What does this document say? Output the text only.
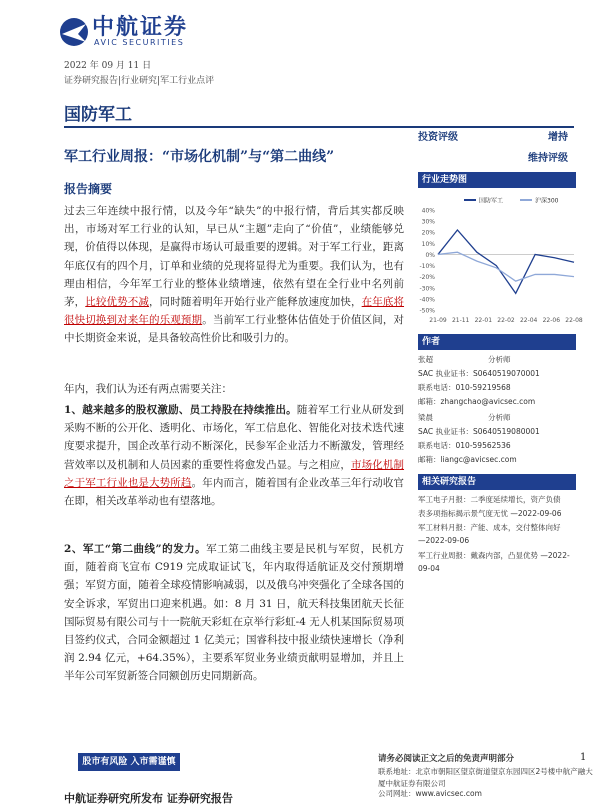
中航证券
AVIC SECURITIES
2022 年 09 月 11 日
证券研究报告|行业研究|军工行业点评
国防军工
投资评级	增持
维持评级
军工行业周报：“市场化机制”与“第二曲线”
报告摘要
过去三年连续中报行情，以及今年“缺失”的中报行情，背后其实都反映出，市场对军工行业的认知，早已从“主题”走向了“价值”，业绩能够兑现，价值得以体现，是赢得市场认可最重要的逻辑。对于军工行业，距离年底仅有的四个月，订单和业绩的兑现将显得尤为重要。我们认为，也有理由相信，今年军工行业的整体业绩增速，依然有望在全行业中名列前茅，比较优势不减，同时随着明年开始行业产能释放速度加快，在年底将很快切换到对来年的乐观预期。当前军工行业整体估值处于价值区间，对中长期资金来说，是具备较高性价比和吸引力的。
年内，我们认为还有两点需要关注：
1、越来越多的股权激励、员工持股在持续推出。随着军工行业从研发到采购不断的公开化、透明化、市场化，军工信息化、智能化对技术迭代速度要求提升，国企改革行动不断深化，民参军企业活力不断激发，管理经营效率以及机制和人员因素的重要性将愈发凸显。与之相应，市场化机制之于军工行业也是大势所趋。年内而言，随着国有企业改革三年行动收官在即，相关改革举动也有望落地。
2、军工“第二曲线”的发力。军工第二曲线主要是民机与军贸，民机方面，随着商飞宣布 C919 完成取证试飞，年内取得适航证及交付预期增强；军贸方面，随着全球疫情影响减弱，以及俄乌冲突强化了全球各国的安全诉求，军贸出口迎来机遇。如：8 月 31 日，航天科技集团航天长征国际贸易有限公司与十一院航天彩虹在京举行彩虹-4 无人机某国际贸易项目签约仪式，合同金额超过 1 亿美元；国睿科技中报业绩快速增长（净利润 2.94 亿元，+64.35%），主要系军贸业务业绩贡献明显增加，并且上半年公司军贸新签合同额创历史同期新高。
行业走势图
40%
30%
20%
10%
0%
-10%
-20%
-30%
-40%
-50%
21-09 21-11 22-01 22-02 22-04 22-06 22-08
国防军工	沪深300
作者
张超	分析师
SAC 执业证书：S0640519070001
联系电话：010-59219568
邮箱：zhangchao@avicsec.com
梁晨	分析师
SAC 执业证书：S0640519080001
联系电话：010-59562536
邮箱：liangc@avicsec.com
相关研究报告
军工电子月报：二季度延续增长，资产负债
表多项指标揭示景气度无忧 —2022-09-06
军工材料月报：产能、成本，交付整体向好
—2022-09-06
军工行业周报：戴森内部，凸显优势 —2022-
09-04
股市有风险 入市需谨慎	请务必阅读正文之后的免责声明部分
联系地址：北京市朝阳区望京街道望京东园四区2号楼中航产融大
厦中航证券有限公司
公司网址：www.avicsec.com
1
中航证券研究所发布 证券研究报告
